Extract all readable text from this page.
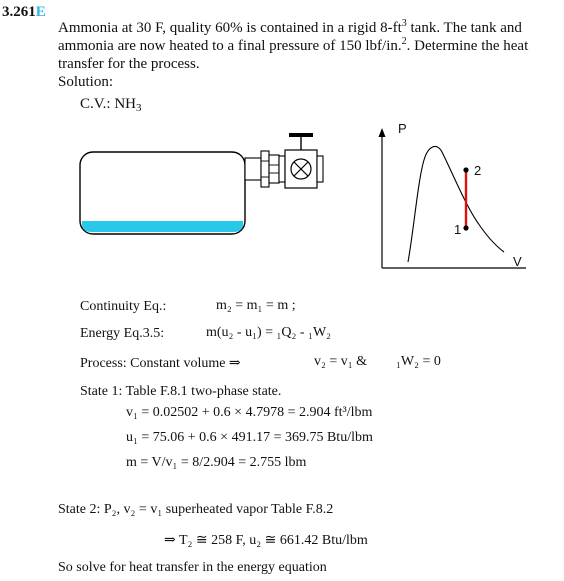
3.261E
Ammonia at 30 F, quality 60% is contained in a rigid $8-ft^3$ tank. The tank and
ammonia are now heated to a final pressure of 150 lbf/in.$^2$. Determine the heat
transfer for the process.
Solution:
C.V.: $NH_3$
P
V
2
1
Continuity Eq.:	m₂ = m₁ = m ;
Energy Eq.3.5:	m(u₂ - u₁) = ₁Q₂ - ₁W₂
Process: Constant volume ⇒	v₂ = v₁ & ₁W₂ = 0
State 1: Table F.8.1 two-phase state.
v₁ = 0.02502 + 0.6 × 4.7978 = 2.904 ft³/lbm
u₁ = 75.06 + 0.6 × 491.17 = 369.75 Btu/lbm
m = V/v₁ = 8/2.904 = 2.755 lbm
State 2: P₂, v₂ = v₁ superheated vapor Table F.8.2
⇒ T₂ ≅ 258 F, u₂ ≅ 661.42 Btu/lbm
So solve for heat transfer in the energy equation
